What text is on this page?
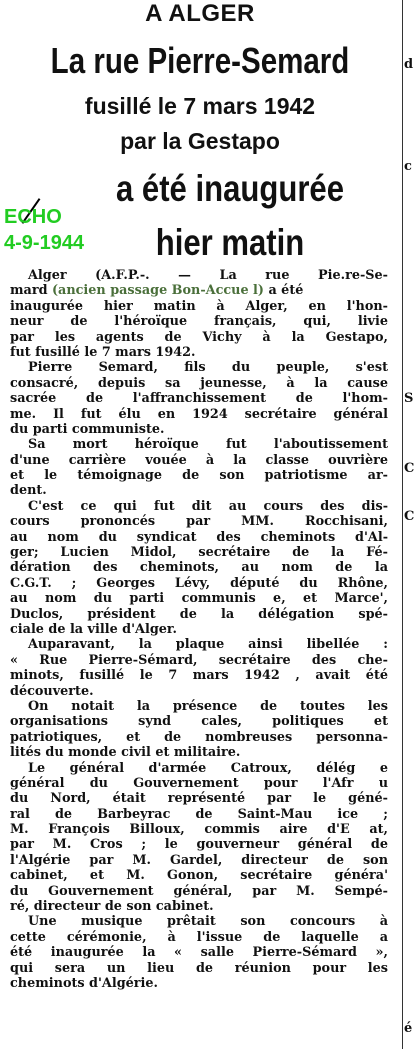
A ALGER
La rue Pierre-Semard
fusillé le 7 mars 1942
par la Gestapo
a été inaugurée
hier matin
ECHO
4-9-1944
Alger (A.F.P.-. — La rue Pie.re-Se-
mard (ancien passage Bon-Accue l) a été
inaugurée hier matin à Alger, en l'hon-
neur de l'héroïque français, qui, livie
par les agents de Vichy à la Gestapo,
fut fusillé le 7 mars 1942.
Pierre Semard, fils du peuple, s'est
consacré, depuis sa jeunesse, à la cause
sacrée de l'affranchissement de l'hom-
me. Il fut élu en 1924 secrétaire général
du parti communiste.
Sa mort héroïque fut l'aboutissement
d'une carrière vouée à la classe ouvrière
et le témoignage de son patriotisme ar-
dent.
C'est ce qui fut dit au cours des dis-
cours prononcés par MM. Rocchisani,
au nom du syndicat des cheminots d'Al-
ger; Lucien Midol, secrétaire de la Fé-
dération des cheminots, au nom de la
C.G.T. ; Georges Lévy, député du Rhône,
au nom du parti communis e, et Marce',
Duclos, président de la délégation spé-
ciale de la ville d'Alger.
Auparavant, la plaque ainsi libellée :
« Rue Pierre-Sémard, secrétaire des che-
minots, fusillé le 7 mars 1942 , avait été
découverte.
On notait la présence de toutes les
organisations synd cales, politiques et
patriotiques, et de nombreuses personna-
lités du monde civil et militaire.
Le général d'armée Catroux, délég e
général du Gouvernement pour l'Afr u
du Nord, était représenté par le géné-
ral de Barbeyrac de Saint-Mau ice ;
M. François Billoux, commis aire d'E at,
par M. Cros ; le gouverneur général de
l'Algérie par M. Gardel, directeur de son
cabinet, et M. Gonon, secrétaire généra'
du Gouvernement général, par M. Sempé-
ré, directeur de son cabinet.
Une musique prêtait son concours à
cette cérémonie, à l'issue de laquelle a
été inaugurée la « salle Pierre-Sémard »,
qui sera un lieu de réunion pour les
cheminots d'Algérie.
d
c
S
C
C
é
